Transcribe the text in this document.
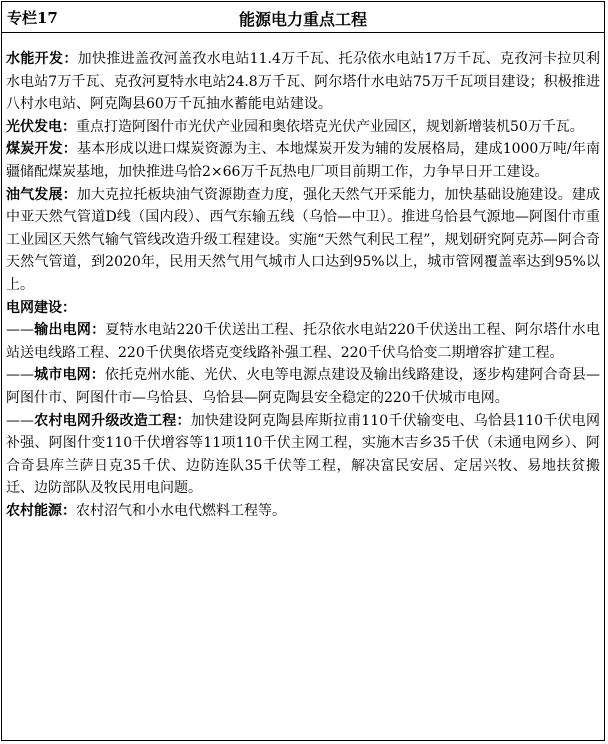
专栏17	能源电力重点工程

水能开发：加快推进盖孜河盖孜水电站11.4万千瓦、托尕依水电站17万千瓦、克孜河卡拉贝利水电站7万千瓦、克孜河夏特水电站24.8万千瓦、阿尔塔什水电站75万千瓦项目建设；积极推进八村水电站、阿克陶县60万千瓦抽水蓄能电站建设。

光伏发电：重点打造阿图什市光伏产业园和奥依塔克光伏产业园区，规划新增装机50万千瓦。

煤炭开发：基本形成以进口煤炭资源为主、本地煤炭开发为辅的发展格局，建成1000万吨/年南疆储配煤炭基地，加快推进乌恰2×66万千瓦热电厂项目前期工作，力争早日开工建设。

油气发展：加大克拉托板块油气资源勘查力度，强化天然气开采能力，加快基础设施建设。建成中亚天然气管道D线（国内段）、西气东输五线（乌恰—中卫）。推进乌恰县气源地—阿图什市重工业园区天然气输气管线改造升级工程建设。实施“天然气利民工程”，规划研究阿克苏—阿合奇天然气管道，到2020年，民用天然气用气城市人口达到95%以上，城市管网覆盖率达到95%以上。

电网建设：

——输出电网：夏特水电站220千伏送出工程、托尕依水电站220千伏送出工程、阿尔塔什水电站送电线路工程、220千伏奥依塔克变线路补强工程、220千伏乌恰变二期增容扩建工程。

——城市电网：依托克州水能、光伏、火电等电源点建设及输出线路建设，逐步构建阿合奇县—阿图什市、阿图什市—乌恰县、乌恰县—阿克陶县安全稳定的220千伏城市电网。

——农村电网升级改造工程：加快建设阿克陶县库斯拉甫110千伏输变电、乌恰县110千伏电网补强、阿图什变110千伏增容等11项110千伏主网工程，实施木吉乡35千伏（未通电网乡）、阿合奇县库兰萨日克35千伏、边防连队35千伏等工程，解决富民安居、定居兴牧、易地扶贫搬迁、边防部队及牧民用电问题。

农村能源：农村沼气和小水电代燃料工程等。
